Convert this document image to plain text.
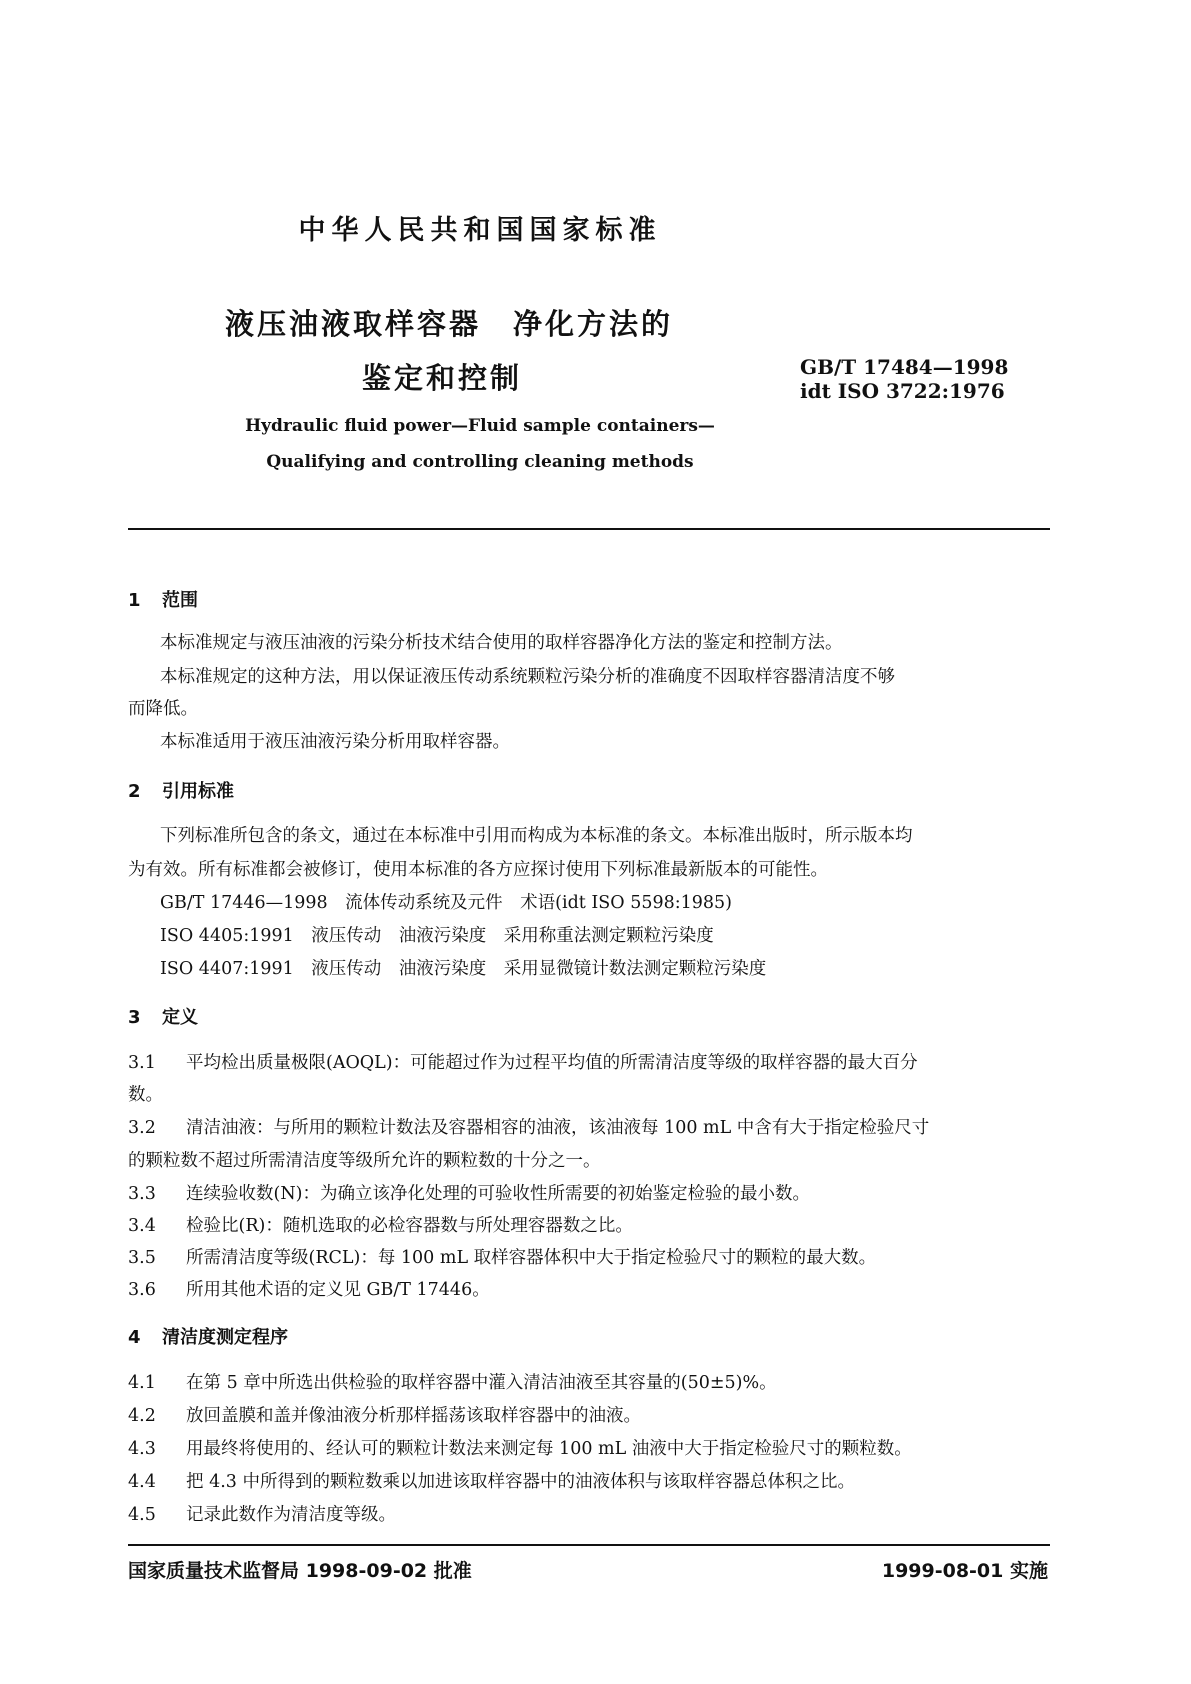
中华人民共和国国家标准
液压油液取样容器　净化方法的
鉴定和控制	GB/T 17484—1998
idt ISO 3722:1976
Hydraulic fluid power—Fluid sample containers—
Qualifying and controlling cleaning methods
1 范围
本标准规定与液压油液的污染分析技术结合使用的取样容器净化方法的鉴定和控制方法。
本标准规定的这种方法，用以保证液压传动系统颗粒污染分析的准确度不因取样容器清洁度不够
而降低。
本标准适用于液压油液污染分析用取样容器。
2 引用标准
下列标准所包含的条文，通过在本标准中引用而构成为本标准的条文。本标准出版时，所示版本均
为有效。所有标准都会被修订，使用本标准的各方应探讨使用下列标准最新版本的可能性。
GB/T 17446—1998　流体传动系统及元件　术语(idt ISO 5598:1985)
ISO 4405:1991　液压传动　油液污染度　采用称重法测定颗粒污染度
ISO 4407:1991　液压传动　油液污染度　采用显微镜计数法测定颗粒污染度
3 定义
3.1 平均检出质量极限(AOQL)：可能超过作为过程平均值的所需清洁度等级的取样容器的最大百分
数。
3.2 清洁油液：与所用的颗粒计数法及容器相容的油液，该油液每 100 mL 中含有大于指定检验尺寸
的颗粒数不超过所需清洁度等级所允许的颗粒数的十分之一。
3.3 连续验收数(N)：为确立该净化处理的可验收性所需要的初始鉴定检验的最小数。
3.4 检验比(R)：随机选取的必检容器数与所处理容器数之比。
3.5 所需清洁度等级(RCL)：每 100 mL 取样容器体积中大于指定检验尺寸的颗粒的最大数。
3.6 所用其他术语的定义见 GB/T 17446。
4 清洁度测定程序
4.1 在第 5 章中所选出供检验的取样容器中灌入清洁油液至其容量的(50±5)%。
4.2 放回盖膜和盖并像油液分析那样摇荡该取样容器中的油液。
4.3 用最终将使用的、经认可的颗粒计数法来测定每 100 mL 油液中大于指定检验尺寸的颗粒数。
4.4 把 4.3 中所得到的颗粒数乘以加进该取样容器中的油液体积与该取样容器总体积之比。
4.5 记录此数作为清洁度等级。
国家质量技术监督局 1998-09-02 批准	1999-08-01 实施
